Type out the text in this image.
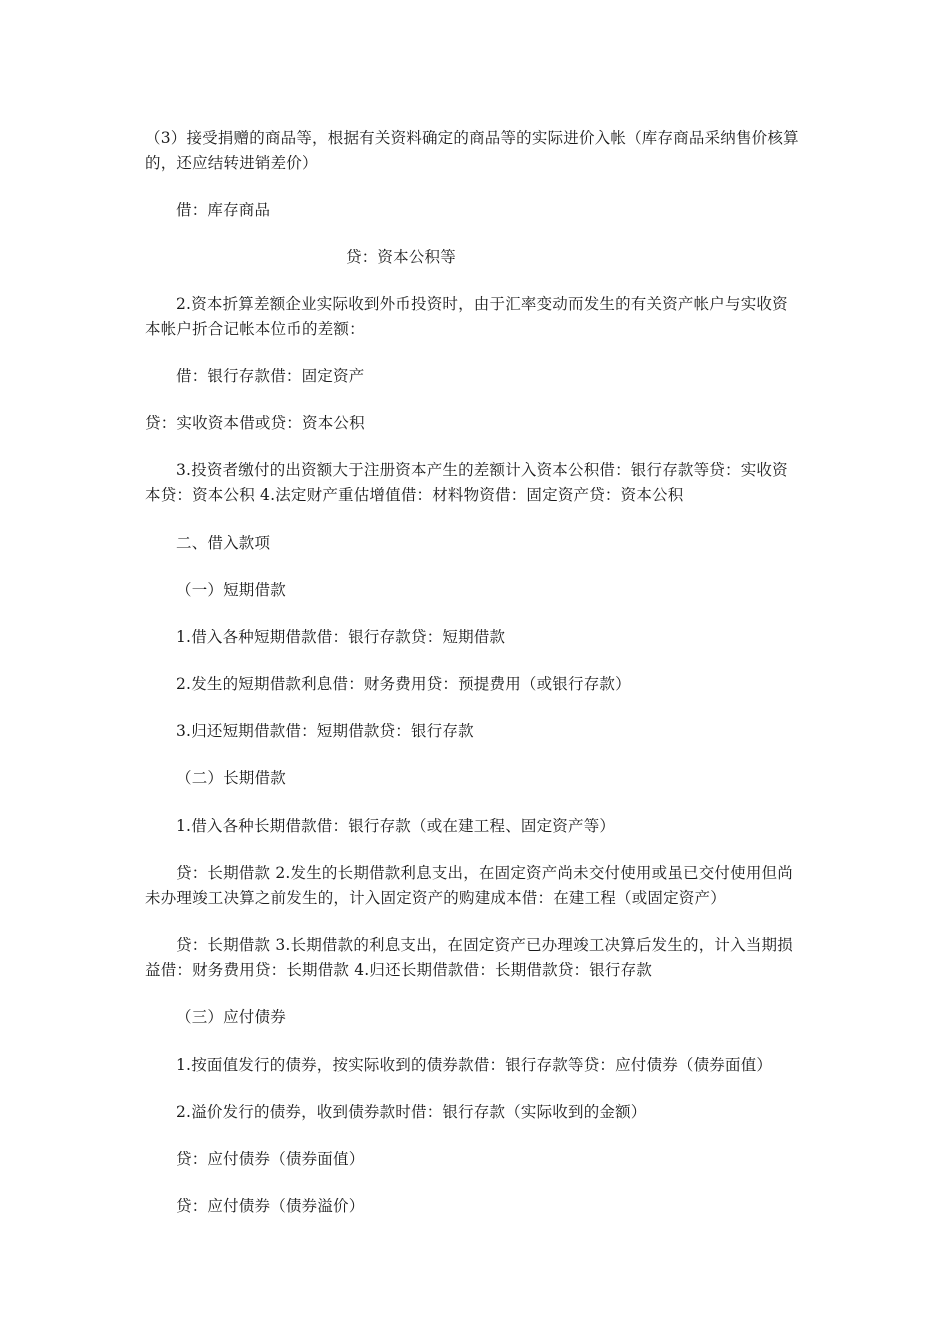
（3）接受捐赠的商品等，根据有关资料确定的商品等的实际进价入帐（库存商品采纳售价核算
的，还应结转进销差价）
借：库存商品
贷：资本公积等
2.资本折算差额企业实际收到外币投资时，由于汇率变动而发生的有关资产帐户与实收资
本帐户折合记帐本位币的差额：
借：银行存款借：固定资产
贷：实收资本借或贷：资本公积
3.投资者缴付的出资额大于注册资本产生的差额计入资本公积借：银行存款等贷：实收资
本贷：资本公积 4.法定财产重估增值借：材料物资借：固定资产贷：资本公积
二、借入款项
（一）短期借款
1.借入各种短期借款借：银行存款贷：短期借款
2.发生的短期借款利息借：财务费用贷：预提费用（或银行存款）
3.归还短期借款借：短期借款贷：银行存款
（二）长期借款
1.借入各种长期借款借：银行存款（或在建工程、固定资产等）
贷：长期借款 2.发生的长期借款利息支出，在固定资产尚未交付使用或虽已交付使用但尚
未办理竣工决算之前发生的，计入固定资产的购建成本借：在建工程（或固定资产）
贷：长期借款 3.长期借款的利息支出，在固定资产已办理竣工决算后发生的，计入当期损
益借：财务费用贷：长期借款 4.归还长期借款借：长期借款贷：银行存款
（三）应付债券
1.按面值发行的债券，按实际收到的债券款借：银行存款等贷：应付债券（债券面值）
2.溢价发行的债券，收到债券款时借：银行存款（实际收到的金额）
贷：应付债券（债券面值）
贷：应付债券（债券溢价）
